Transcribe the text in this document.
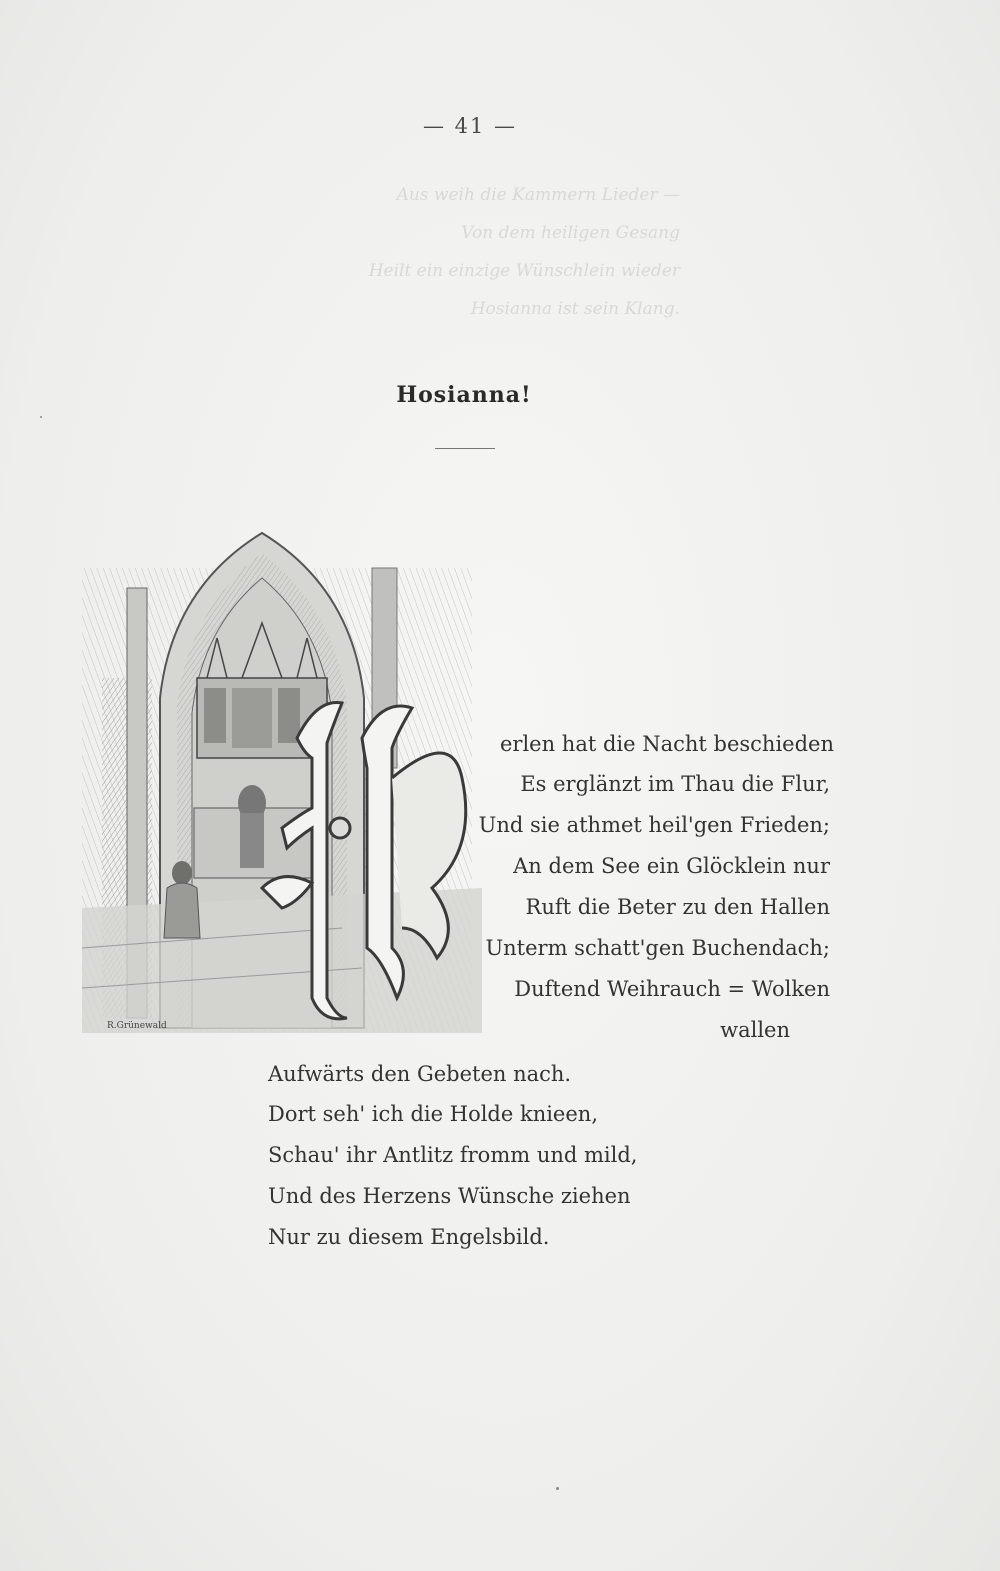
— 41 —
Aus weih die Kammern Lieder —
Von dem heiligen Gesang
Heilt ein einzige Wünschlein wieder
Hosianna ist sein Klang.
Hosianna!
R.Grünewald
erlen hat die Nacht beschieden
Es erglänzt im Thau die Flur,
Und sie athmet heil'gen Frieden;
An dem See ein Glöcklein nur
Ruft die Beter zu den Hallen
Unterm schatt'gen Buchendach;
Duftend Weihrauch = Wolken
wallen
Aufwärts den Gebeten nach.
Dort seh' ich die Holde knieen,
Schau' ihr Antlitz fromm und mild,
Und des Herzens Wünsche ziehen
Nur zu diesem Engelsbild.
